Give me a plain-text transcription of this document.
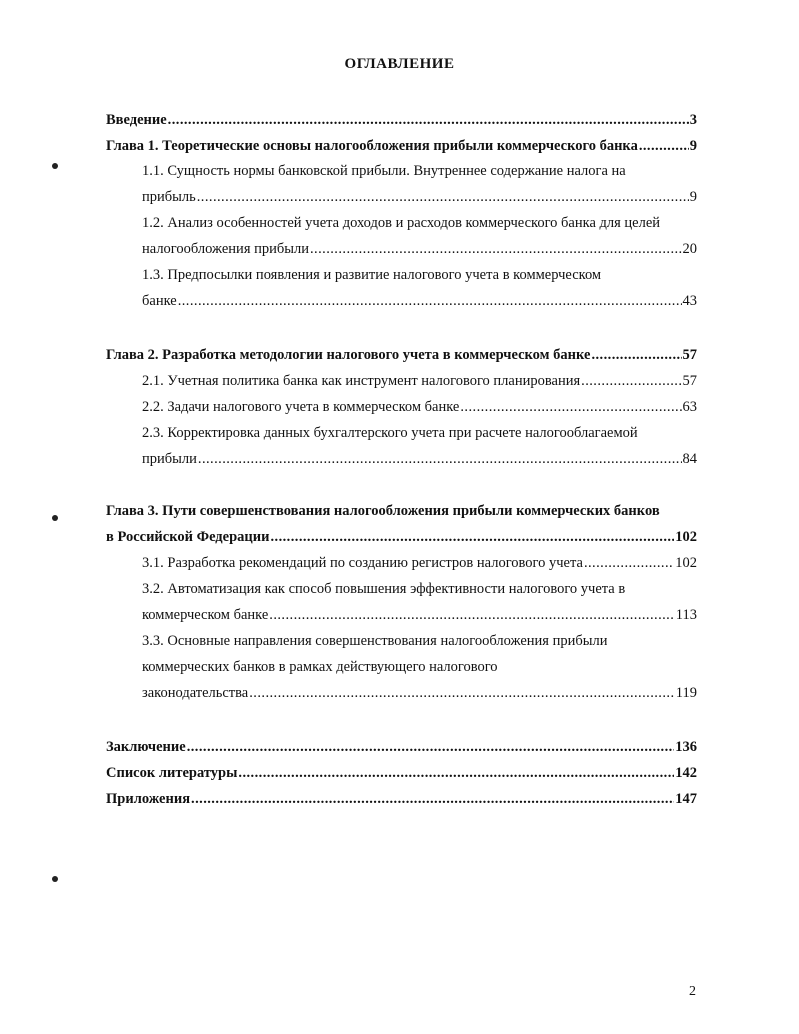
ОГЛАВЛЕНИЕ
Введение . . .	3
Глава 1. Теоретические основы налогообложения прибыли коммерческого банка . . .	9
1.1. Сущность нормы банковской прибыли. Внутреннее содержание налога на
прибыль . . .	9
1.2. Анализ особенностей учета доходов и расходов коммерческого банка для целей
налогообложения прибыли . . .	20
1.3. Предпосылки появления и развитие налогового учета в коммерческом
банке . . .	43
Глава 2. Разработка методологии налогового учета в коммерческом банке . . .	57
2.1. Учетная политика банка как инструмент налогового планирования . . .	57
2.2. Задачи налогового учета в коммерческом банке . . .	63
2.3. Корректировка данных бухгалтерского учета при расчете налогооблагаемой
прибыли . . .	84
Глава 3. Пути совершенствования налогообложения прибыли коммерческих банков
в Российской Федерации . . .	102
3.1. Разработка рекомендаций по созданию регистров налогового учета . . .	102
3.2. Автоматизация как способ повышения эффективности налогового учета в
коммерческом банке . . .	113
3.3. Основные направления совершенствования налогообложения прибыли
коммерческих банков в рамках действующего налогового
законодательства . . .	119
Заключение . . .	136
Список литературы . . .	142
Приложения . . .	147
2
